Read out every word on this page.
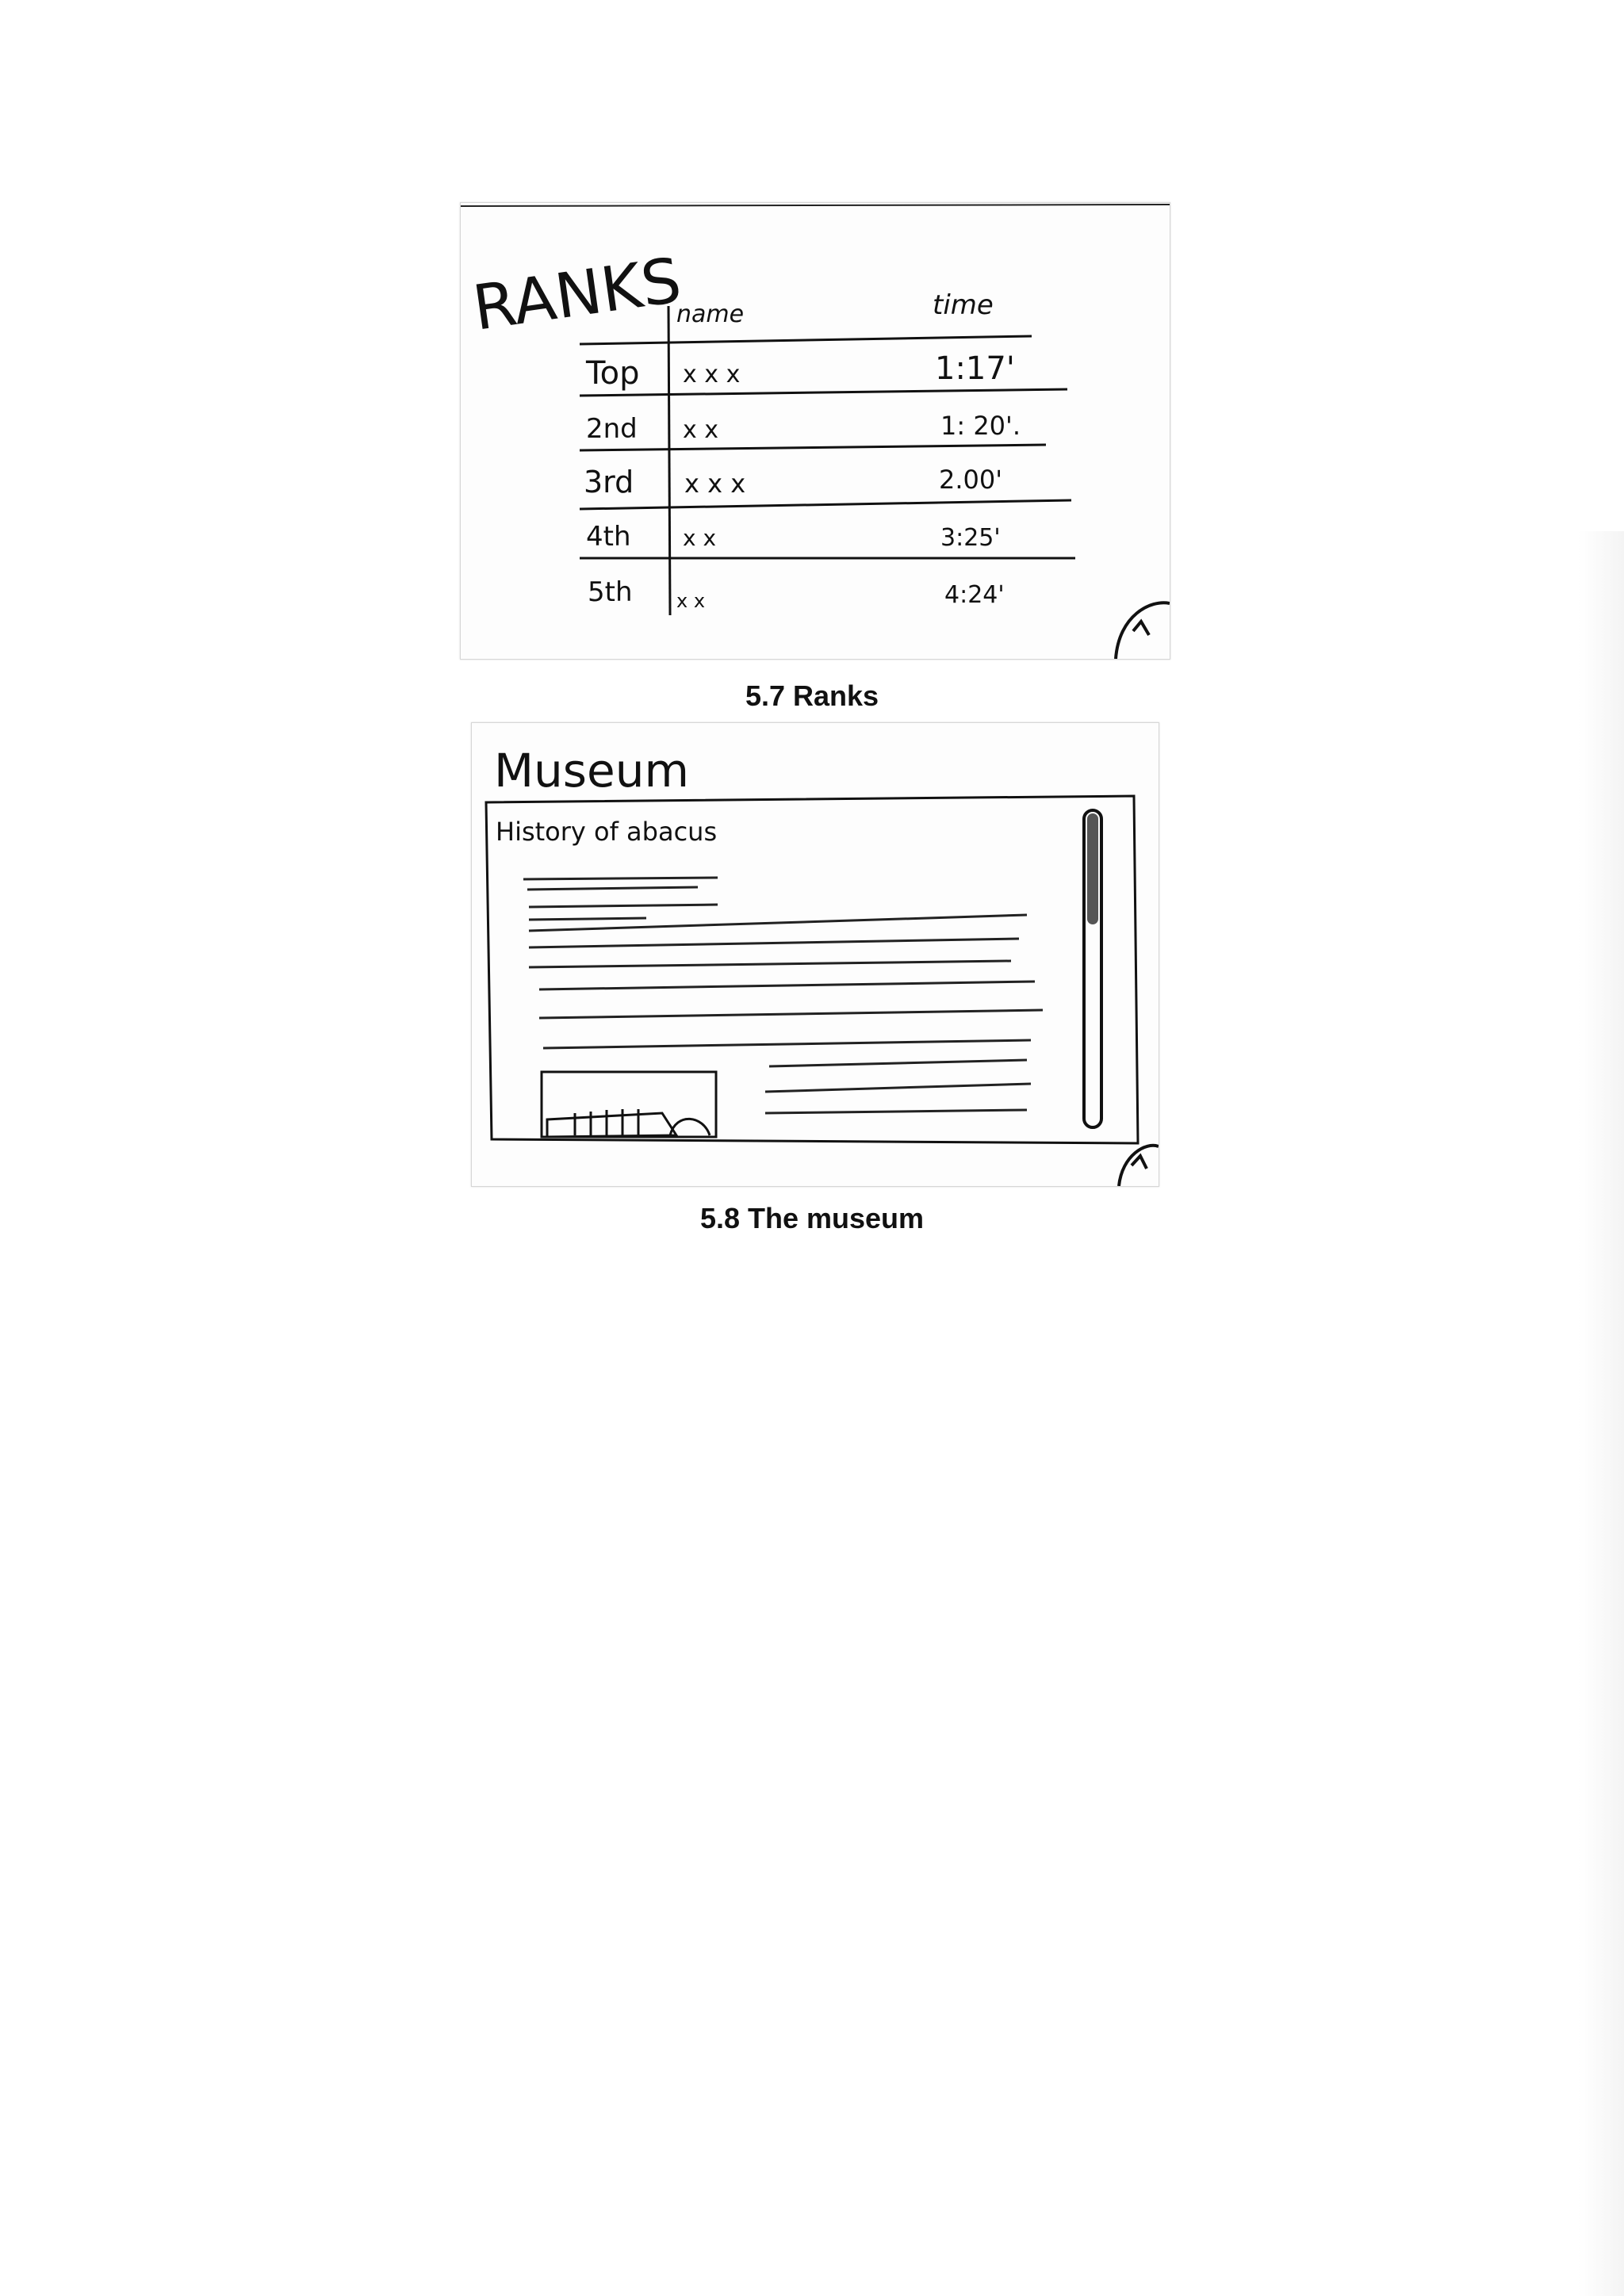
RANKS
name	time
Top x x x	1:17'
2nd x x	1: 20'.
3rd x x x	2.00'
4th x x	3:25'
5th x x	4:24'
5.7 Ranks
Museum
History of abacus
5.8 The museum
